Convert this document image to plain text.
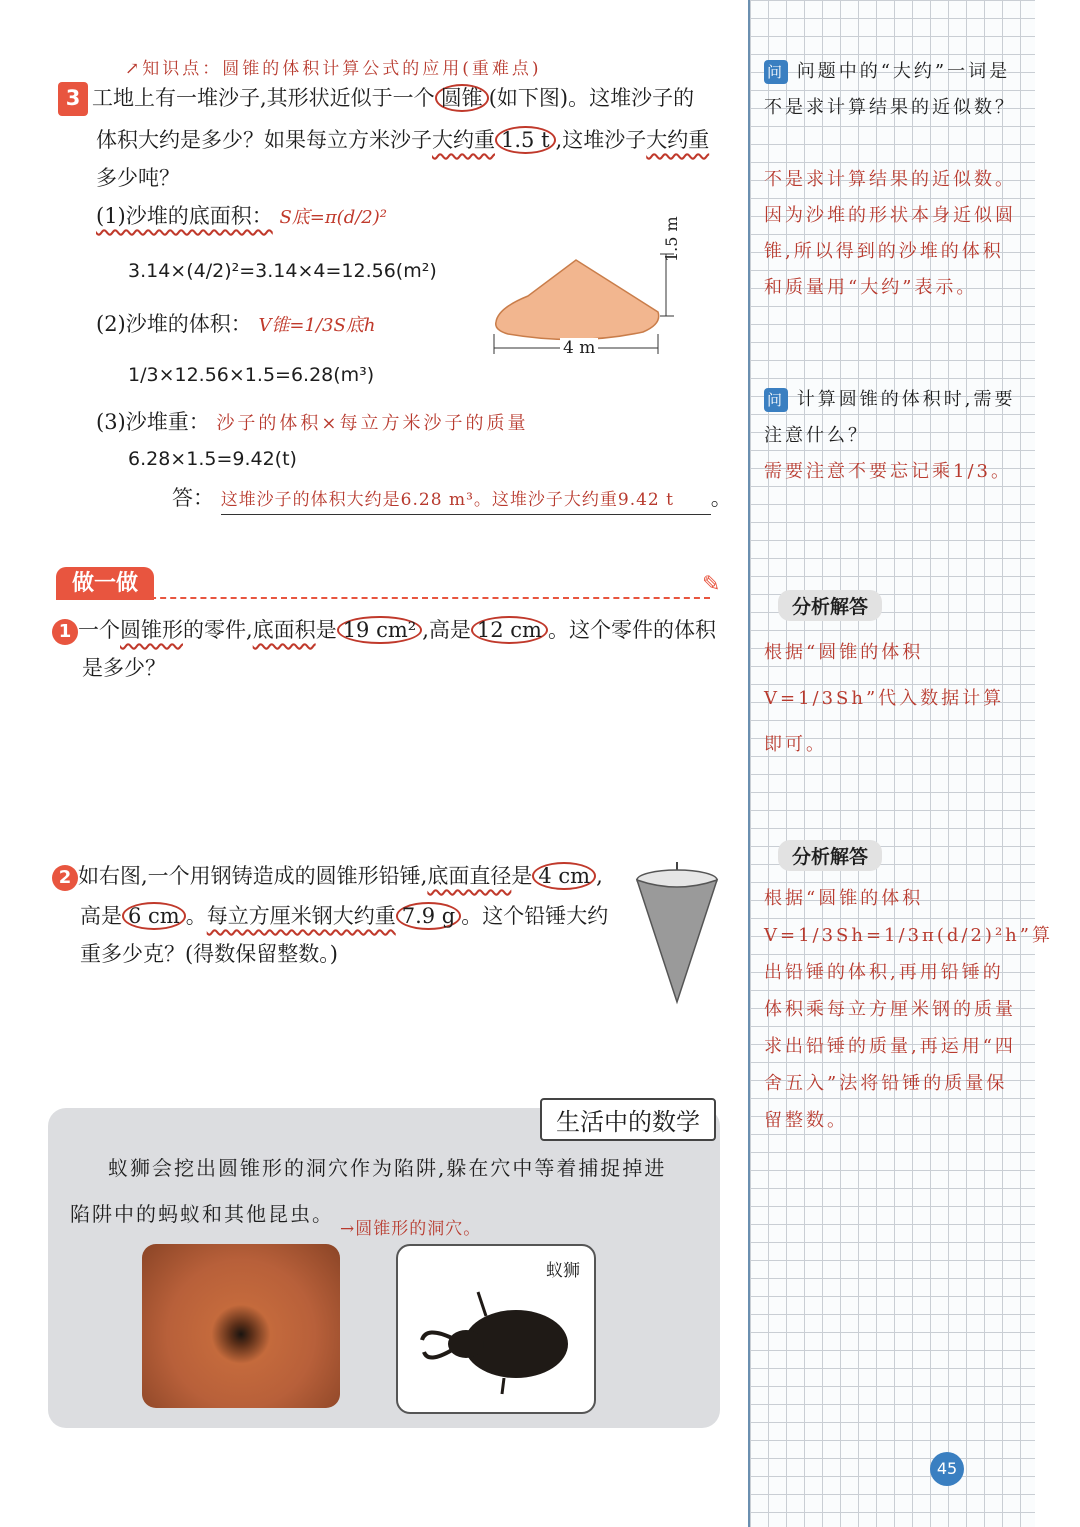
↗知识点：圆锥的体积计算公式的应用(重难点)
3 工地上有一堆沙子,其形状近似于一个 圆锥 (如下图)。这堆沙子的
体积大约是多少？如果每立方米沙子大约重 1.5 t ,这堆沙子大约重
多少吨？
(1)沙堆的底面积： S底=π(d/2)²
3.14×(4/2)²=3.14×4=12.56(m²)
(2)沙堆的体积： V锥=1/3S底h
1/3×12.56×1.5=6.28(m³)
(3)沙堆重： 沙子的体积×每立方米沙子的质量
6.28×1.5=9.42(t)
答： 这堆沙子的体积大约是6.28 m³。这堆沙子大约重9.42 t 。
1.5 m
4 m
做一做	✎
1 一个圆锥形的零件,底面积是 19 cm² ,高是 12 cm 。这个零件的体积
是多少？
2 如右图,一个用钢铸造成的圆锥形铅锤,底面直径是 4 cm ,
高是 6 cm 。每立方厘米钢大约重 7.9 g 。这个铅锤大约
重多少克？(得数保留整数。)
生活中的数学
蚁狮会挖出圆锥形的洞穴作为陷阱,躲在穴中等着捕捉掉进
陷阱中的蚂蚁和其他昆虫。
→圆锥形的洞穴。
蚁狮
问 问题中的“大约”一词是不是求计算结果的近似数？
不是求计算结果的近似数。因为沙堆的形状本身近似圆锥,所以得到的沙堆的体积和质量用“大约”表示。
问 计算圆锥的体积时,需要注意什么？
需要注意不要忘记乘1/3。
分析解答
根据“圆锥的体积V=1/3Sh”代入数据计算即可。
分析解答
根据“圆锥的体积V=1/3Sh=1/3π(d/2)²h”算出铅锤的体积,再用铅锤的体积乘每立方厘米钢的质量求出铅锤的质量,再运用“四舍五入”法将铅锤的质量保留整数。
45
